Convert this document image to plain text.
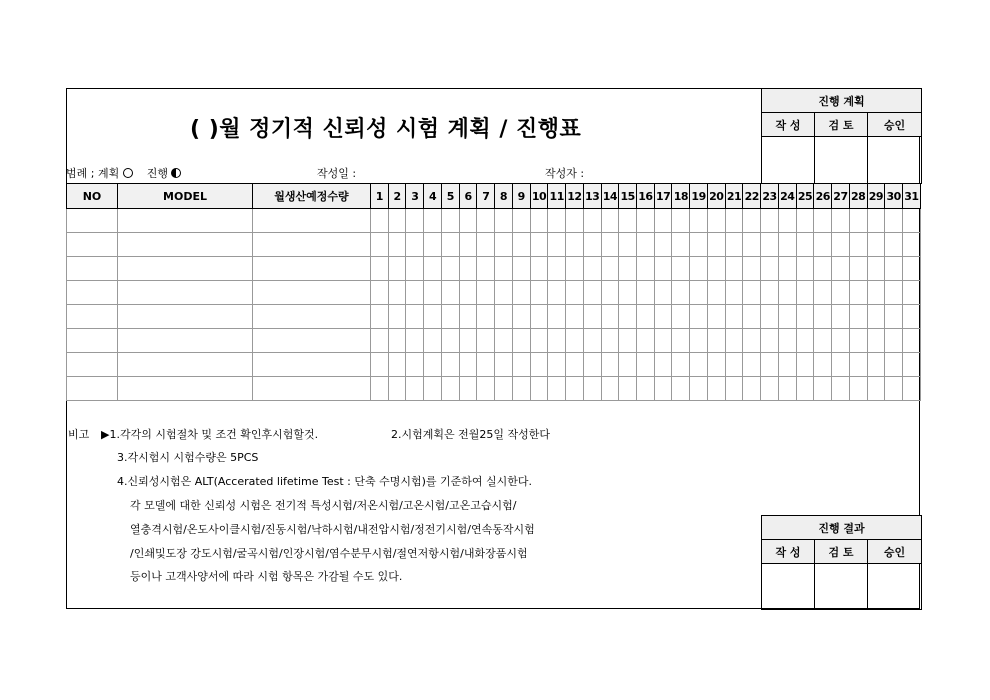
( )월 정기적 신뢰성 시험 계획 / 진행표
진행 계획		
작 성	검 토	승인

범례 ; 계획	진행	작성일 :	작성자 :
NO	MODEL	월생산예정수량	1	2	3	4	5	6	7	8	9	10	11	12	13	14	15	16	17	18	19	20	21	22	23	24	25	26	27	28	29	30	31

비고 ▶1.각각의 시험절차 및 조건 확인후시험할것.	2.시험계획은 전월25일 작성한다
3.각시험시 시험수량은 5PCS
4.신뢰성시험은 ALT(Accerated lifetime Test : 단축 수명시험)를 기준하여 실시한다.
각 모델에 대한 신뢰성 시험은 전기적 특성시험/저온시험/고온시험/고온고습시험/
열충격시험/온도사이클시험/진동시험/낙하시험/내전압시험/정전기시험/연속동작시험
/인쇄및도장 강도시험/굴곡시험/인장시험/염수분무시험/절연저항시험/내화장품시험
등이나 고객사양서에 따라 시험 항목은 가감될 수도 있다.
진행 결과		
작 성	검 토	승인
